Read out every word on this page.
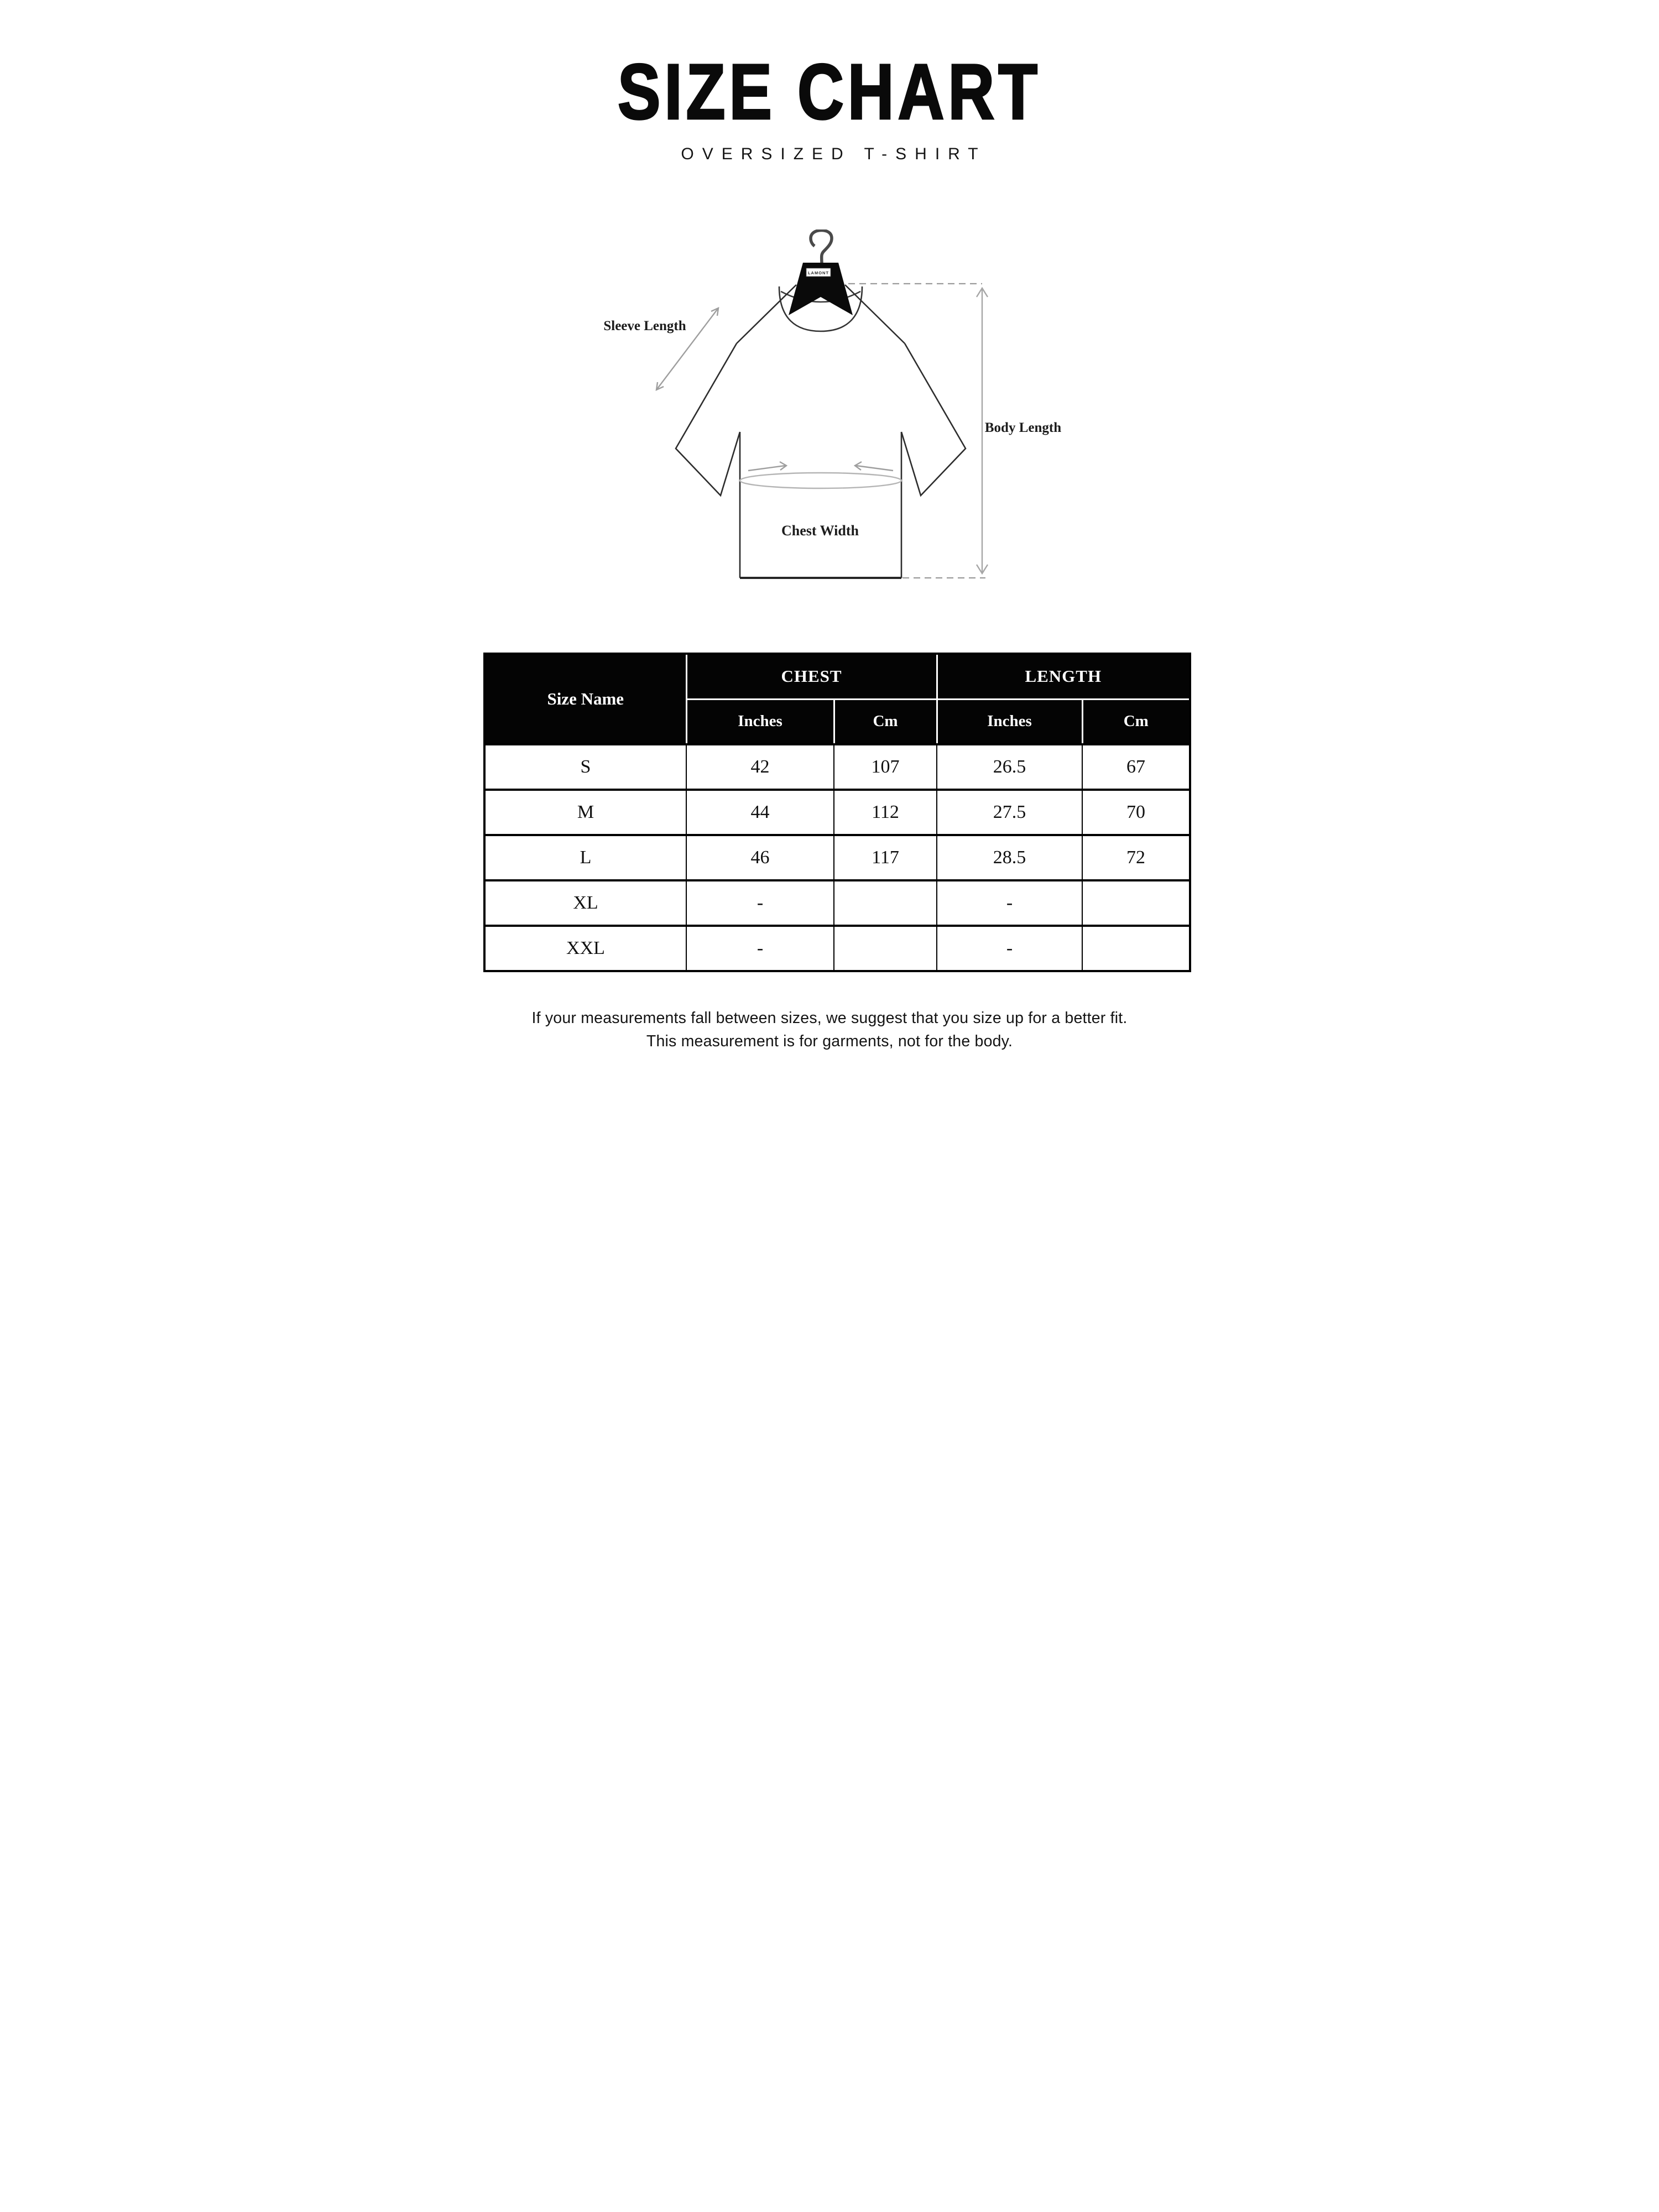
SIZE CHART
OVERSIZED T-SHIRT
LAMONT
Sleeve Length
Body Length
Chest Width
Size Name	CHEST		LENGTH	
	Inches	Cm	Inches	Cm
S	42	107	26.5	67
M	44	112	27.5	70
L	46	117	28.5	72
XL	-		-	
XXL	-		-	
If your measurements fall between sizes, we suggest that you size up for a better fit.
This measurement is for garments, not for the body.
